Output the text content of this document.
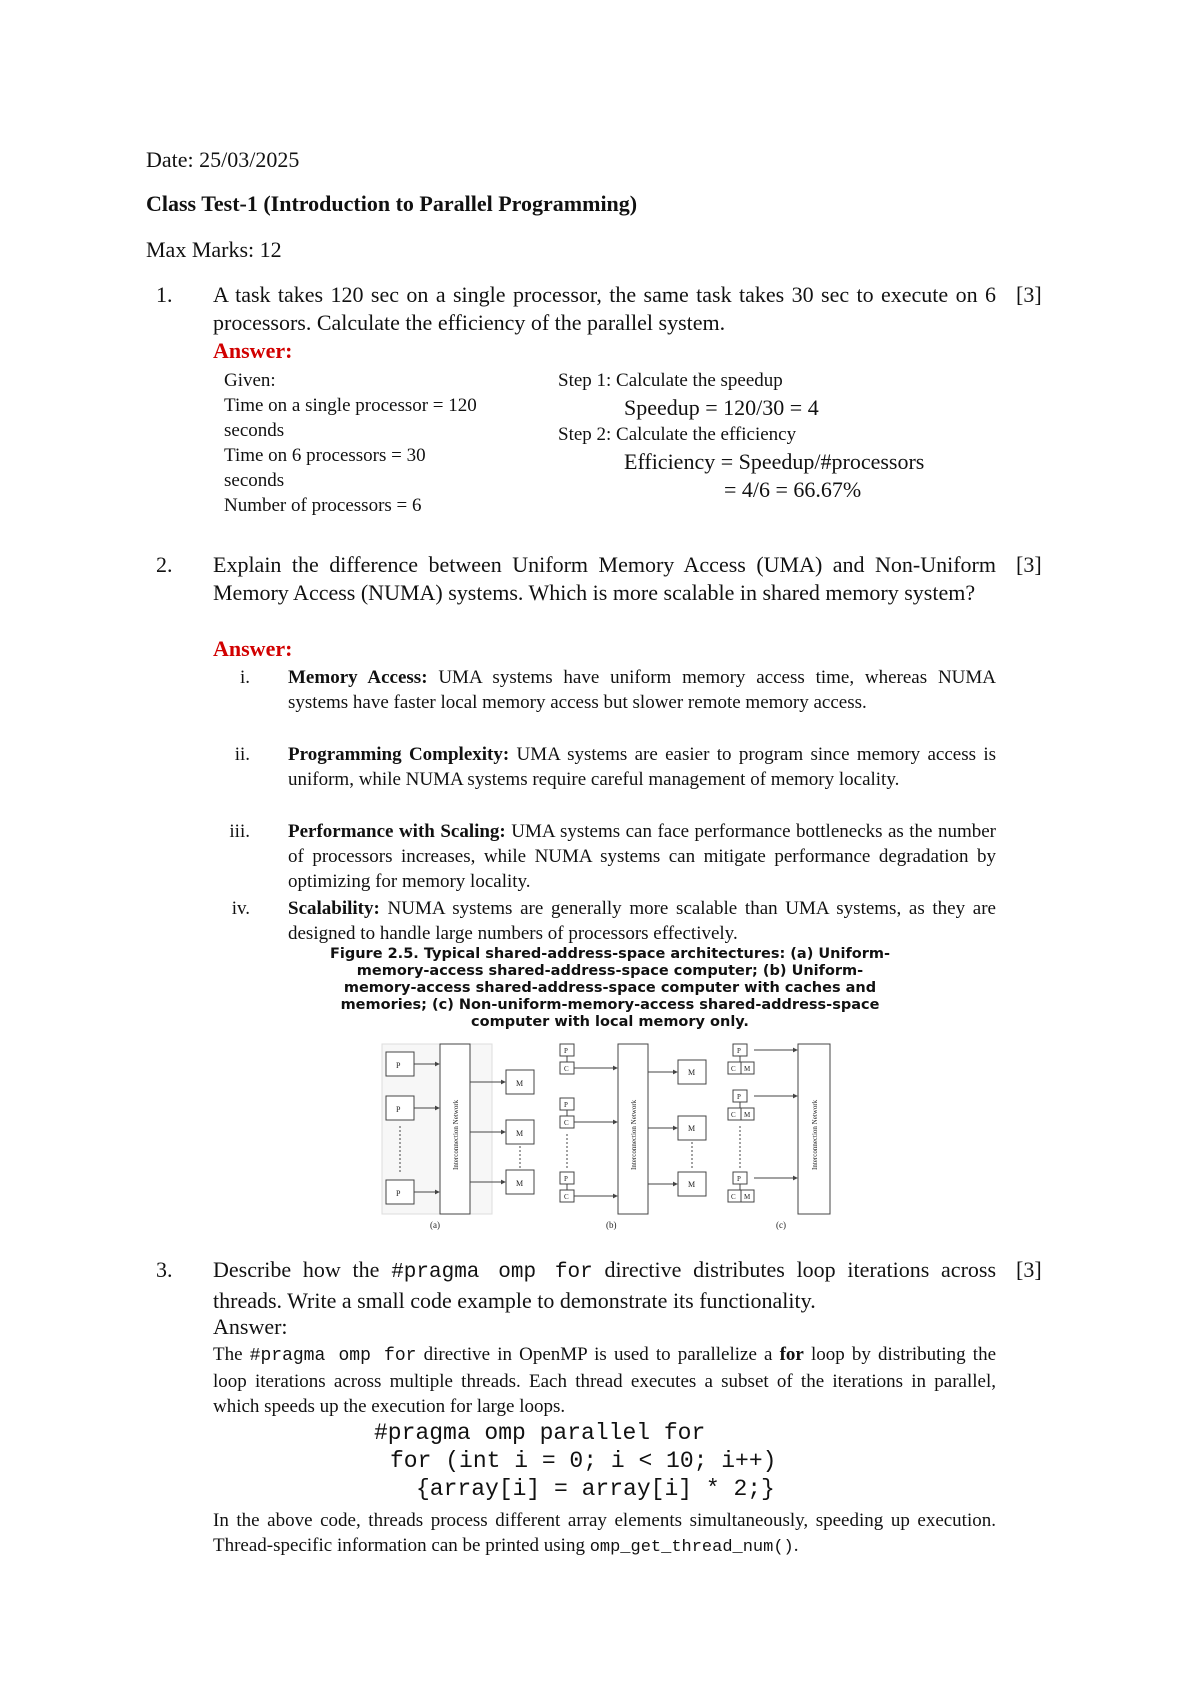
Date: 25/03/2025
Class Test-1 (Introduction to Parallel Programming)
Max Marks: 12
1. A task takes 120 sec on a single processor, the same task takes 30 sec to execute on 6 processors. Calculate the efficiency of the parallel system.
[3]
Answer:
Given:
Time on a single processor = 120
seconds
Time on 6 processors = 30
seconds
Number of processors = 6
Step 1: Calculate the speedup
Speedup = 120/30 = 4
Step 2: Calculate the efficiency
Efficiency = Speedup/#processors
= 4/6 = 66.67%
2. Explain the difference between Uniform Memory Access (UMA) and Non-Uniform Memory Access (NUMA) systems. Which is more scalable in shared memory system?
[3]
Answer:
i. Memory Access: UMA systems have uniform memory access time, whereas NUMA systems have faster local memory access but slower remote memory access.
ii. Programming Complexity: UMA systems are easier to program since memory access is uniform, while NUMA systems require careful management of memory locality.
iii. Performance with Scaling: UMA systems can face performance bottlenecks as the number of processors increases, while NUMA systems can mitigate performance degradation by optimizing for memory locality.
iv. Scalability: NUMA systems are generally more scalable than UMA systems, as they are designed to handle large numbers of processors effectively.
Figure 2.5. Typical shared-address-space architectures: (a) Uniform-
memory-access shared-address-space computer; (b) Uniform-
memory-access shared-address-space computer with caches and
memories; (c) Non-uniform-memory-access shared-address-space
computer with local memory only.
P
P
P
M
M
M
Interconnection Network
(a)
P
C
P
C
P
C
M
M
M
Interconnection Network
(b)
P
C M
P
C M
P
C M
Interconnection Network
(c)
3. Describe how the #pragma omp for directive distributes loop iterations across threads. Write a small code example to demonstrate its functionality.
[3]
Answer:
The #pragma omp for directive in OpenMP is used to parallelize a for loop by distributing the loop iterations across multiple threads. Each thread executes a subset of the iterations in parallel, which speeds up the execution for large loops.
#pragma omp parallel for
for (int i = 0; i < 10; i++)
{array[i] = array[i] * 2;}
In the above code, threads process different array elements simultaneously, speeding up execution. Thread-specific information can be printed using omp_get_thread_num().
